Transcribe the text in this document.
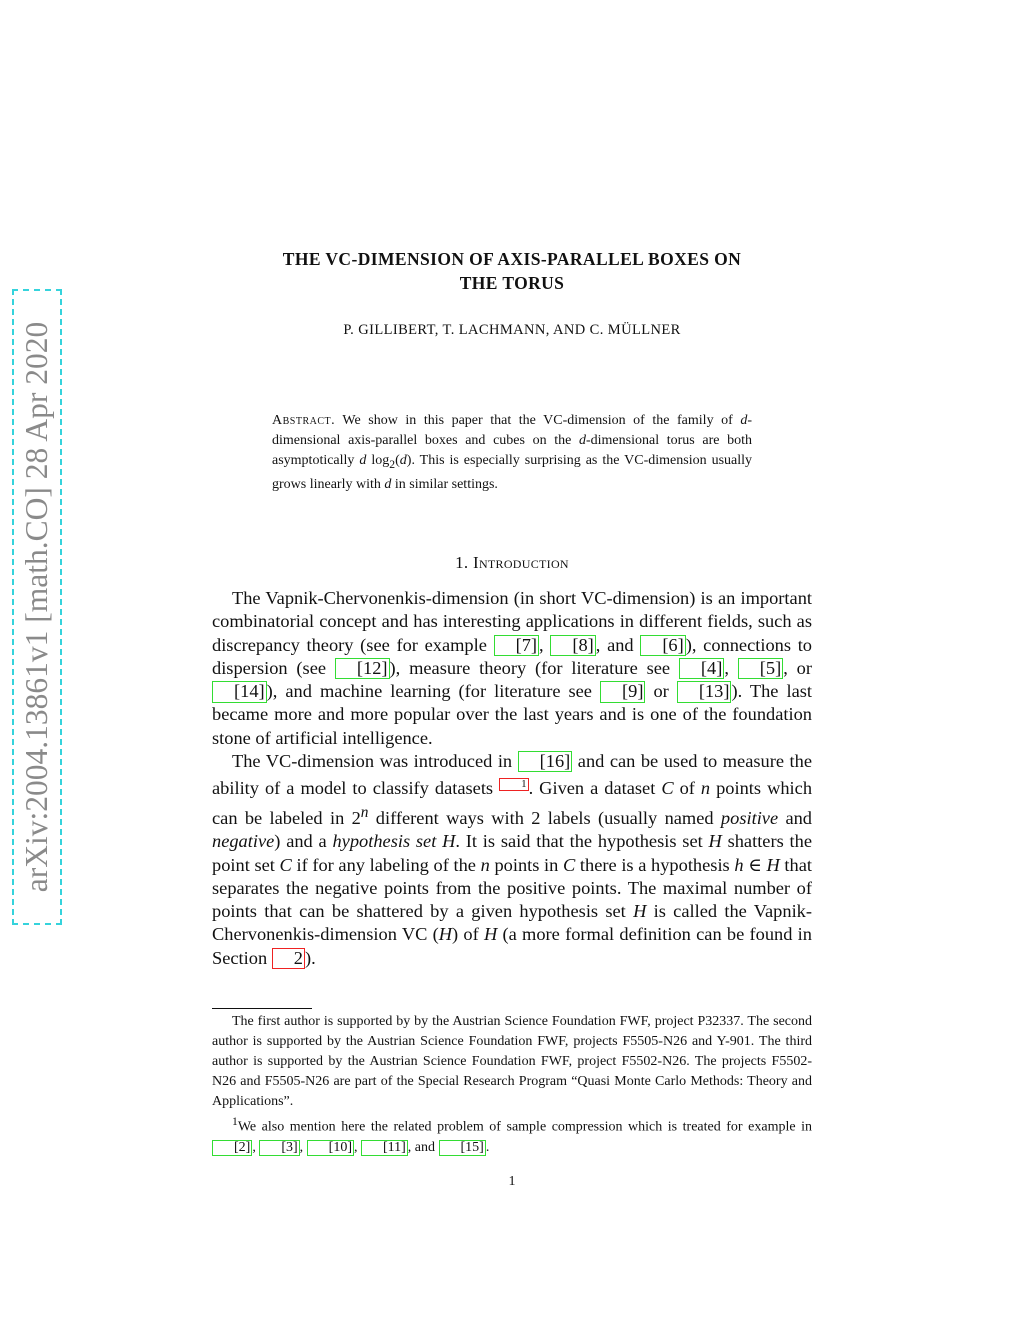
arXiv:2004.13861v1 [math.CO] 28 Apr 2020
THE VC-DIMENSION OF AXIS-PARALLEL BOXES ON
THE TORUS
P. GILLIBERT, T. LACHMANN, AND C. MÜLLNER

Abstract. We show in this paper that the VC-dimension of the family of d-dimensional axis-parallel boxes and cubes on the d-dimensional torus are both asymptotically d $\log_2(d)$. This is especially surprising as the VC-dimension usually grows linearly with d in similar settings.

1. Introduction

The Vapnik-Chervonenkis-dimension (in short VC-dimension) is an important combinatorial concept and has interesting applications in different fields, such as discrepancy theory (see for example [7] , [8] , and [6] ), connections to dispersion (see [12] ), measure theory (for literature see [4] , [5] , or [14] ), and machine learning (for literature see [9] or [13] ). The last became more and more popular over the last years and is one of the foundation stone of artificial intelligence.

The VC-dimension was introduced in [16] and can be used to measure the ability of a model to classify datasets $^1$ . Given a dataset C of n points which can be labeled in 2$^n$ different ways with 2 labels (usually named positive and negative) and a hypothesis set H. It is said that the hypothesis set H shatters the point set C if for any labeling of the n points in C there is a hypothesis h ∈ H that separates the negative points from the positive points. The maximal number of points that can be shattered by a given hypothesis set H is called the Vapnik-Chervonenkis-dimension VC (H) of H (a more formal definition can be found in Section 2 ).

The first author is supported by by the Austrian Science Foundation FWF, project P32337. The second author is supported by the Austrian Science Foundation FWF, projects F5505-N26 and Y-901. The third author is supported by the Austrian Science Foundation FWF, project F5502-N26. The projects F5502-N26 and F5505-N26 are part of the Special Research Program “Quasi Monte Carlo Methods: Theory and Applications”.

$^1$We also mention here the related problem of sample compression which is treated for example in [2] , [3] , [10] , [11] , and [15] .

1
